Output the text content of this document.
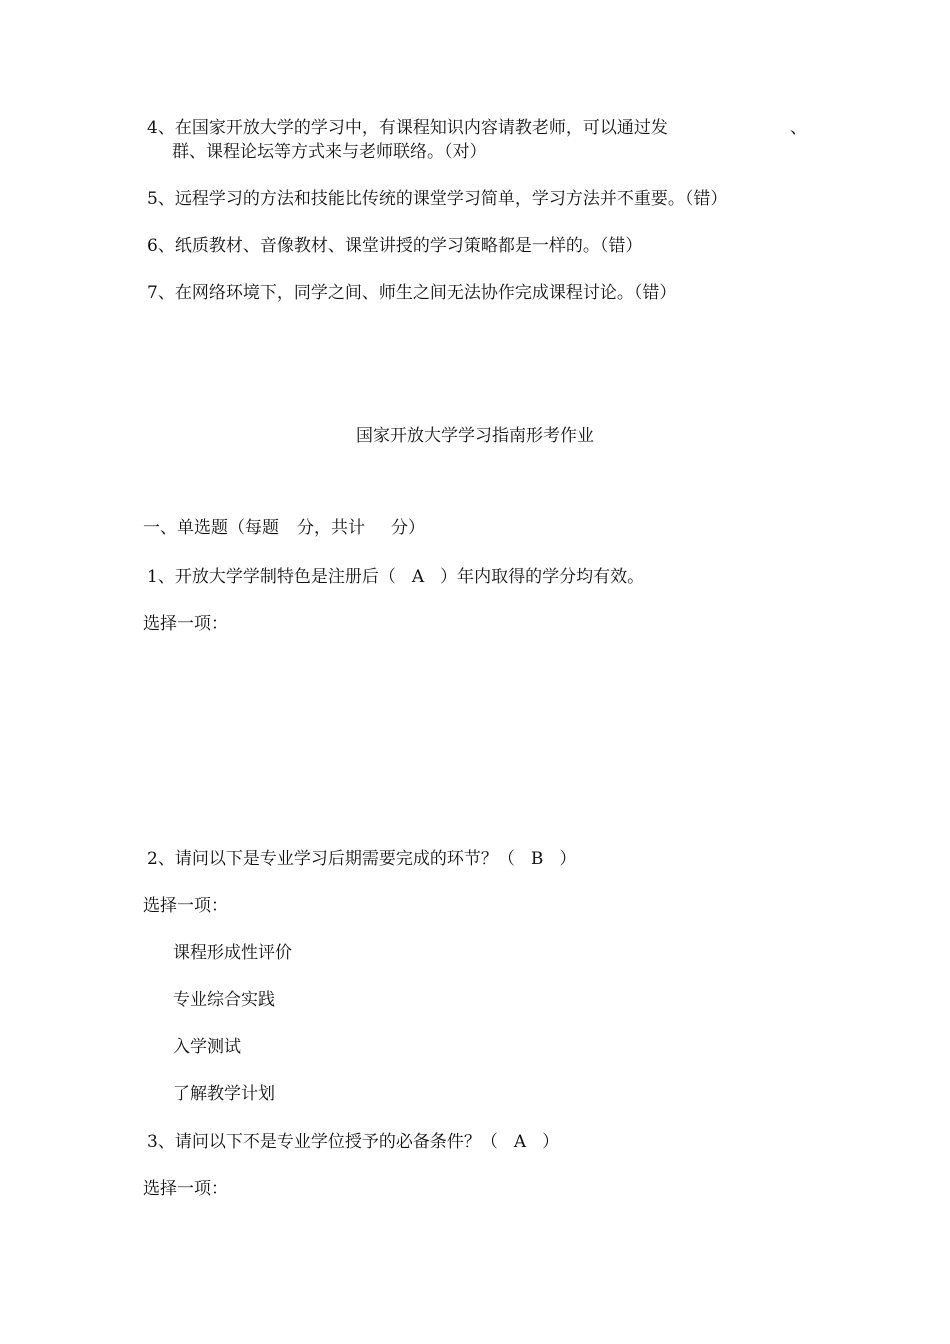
4、在国家开放大学的学习中，有课程知识内容请教老师，可以通过发	、
群、课程论坛等方式来与老师联络。（对）
5、远程学习的方法和技能比传统的课堂学习简单，学习方法并不重要。（错）
6、纸质教材、音像教材、课堂讲授的学习策略都是一样的。（错）
7、在网络环境下，同学之间、师生之间无法协作完成课程讨论。（错）
国家开放大学学习指南形考作业
一、单选题（每题 分，共计 分）
1、开放大学学制特色是注册后（ A ）年内取得的学分均有效。
选择一项：
2、请问以下是专业学习后期需要完成的环节？（ B ）
选择一项：
课程形成性评价
专业综合实践
入学测试
了解教学计划
3、请问以下不是专业学位授予的必备条件？（ A ）
选择一项：
